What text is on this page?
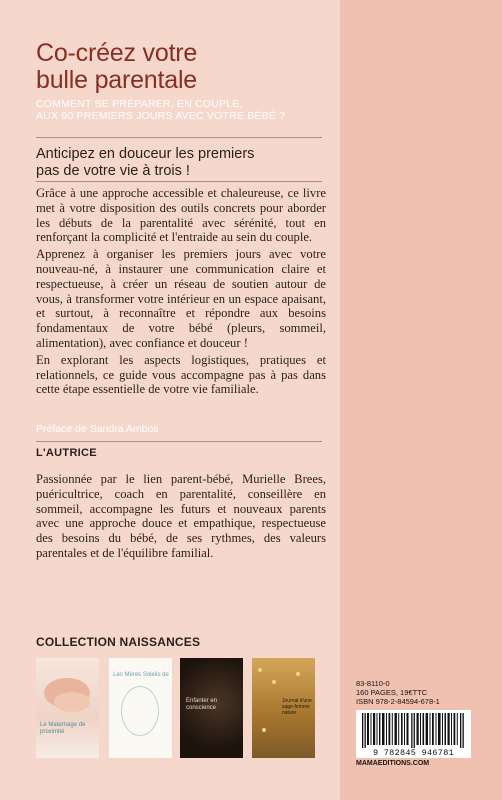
Co-créez votre
bulle parentale
COMMENT SE PRÉPARER, EN COUPLE,
AUX 90 PREMIERS JOURS AVEC VOTRE BÉBÉ ?
Anticipez en douceur les premiers
pas de votre vie à trois !

Grâce à une approche accessible et chaleureuse, ce livre met à votre disposition des outils concrets pour aborder les débuts de la parentalité avec sérénité, tout en renforçant la complicité et l'entraide au sein du couple.

Apprenez à organiser les premiers jours avec votre nouveau-né, à instaurer une communication claire et respectueuse, à créer un réseau de soutien autour de vous, à transformer votre intérieur en un espace apaisant, et surtout, à reconnaître et répondre aux besoins fondamentaux de votre bébé (pleurs, sommeil, alimentation), avec confiance et douceur !

En explorant les aspects logistiques, pratiques et relationnels, ce guide vous accompagne pas à pas dans cette étape essentielle de votre vie familiale.

Préface de Sandra Ambos
L'AUTRICE
Passionnée par le lien parent-bébé, Murielle Brees, puéricultrice, coach en parentalité, conseillère en sommeil, accompagne les futurs et nouveaux parents avec une approche douce et empathique, respectueuse des besoins du bébé, de ses rythmes, des valeurs parentales et de l'équilibre familial.
COLLECTION NAISSANCES
Le Maternage de proximité
Les Mères Soleils de
Enfanter en conscience
Journal d'une sage-femme nature
83-8110-0
160 PAGES, 19€TTC
ISBN 978-2-84594-678-1
9 782845 946781
MAMAEDITIONS.COM
